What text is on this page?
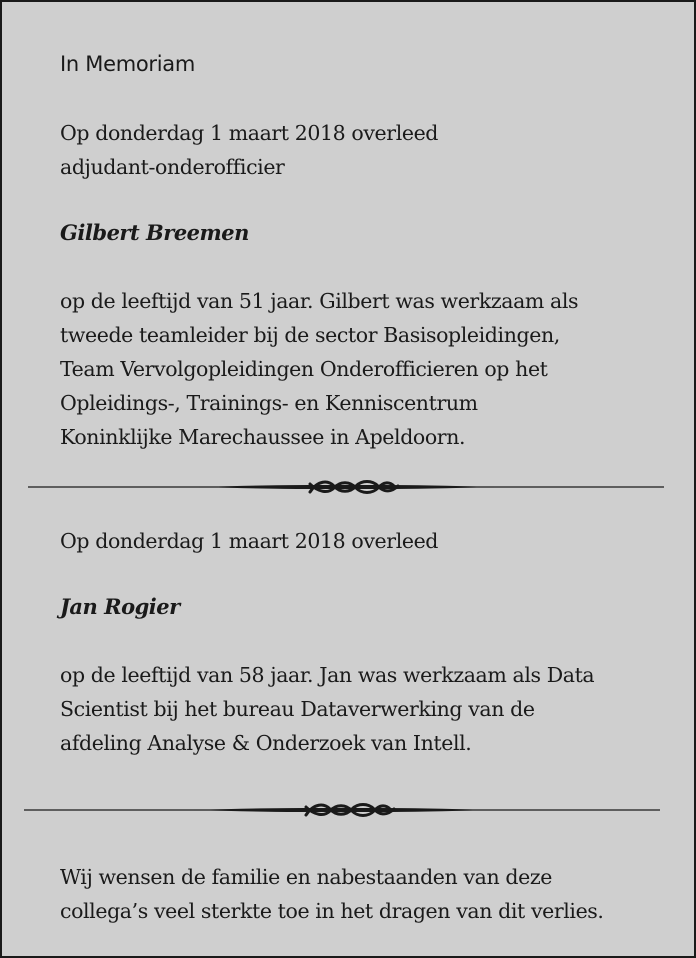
In Memoriam

Op donderdag 1 maart 2018 overleed
adjudant-onderofficier

Gilbert Breemen

op de leeftijd van 51 jaar. Gilbert was werkzaam als
tweede teamleider bij de sector Basisopleidingen,
Team Vervolgopleidingen Onderofficieren op het
Opleidings-, Trainings- en Kenniscentrum
Koninklijke Marechaussee in Apeldoorn.

Op donderdag 1 maart 2018 overleed

Jan Rogier

op de leeftijd van 58 jaar. Jan was werkzaam als Data
Scientist bij het bureau Dataverwerking van de
afdeling Analyse & Onderzoek van Intell.

Wij wensen de familie en nabestaanden van deze
collega’s veel sterkte toe in het dragen van dit verlies.
